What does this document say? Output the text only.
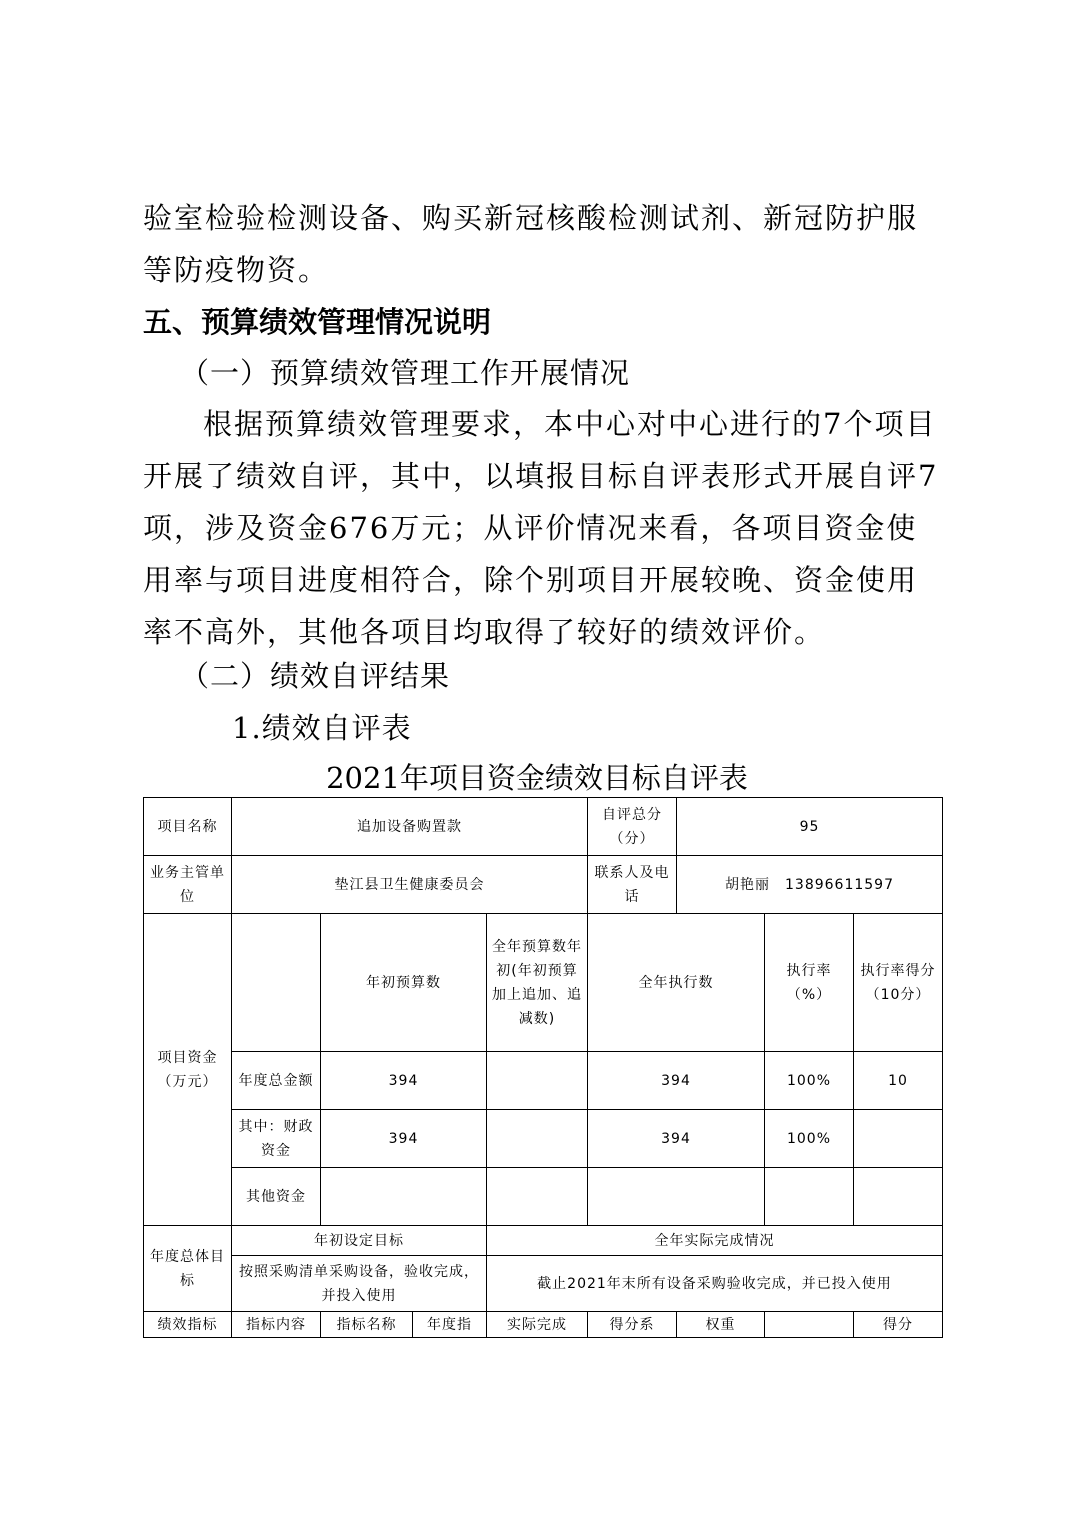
验室检验检测设备、购买新冠核酸检测试剂、新冠防护服等防疫物资。

五、预算绩效管理情况说明

（一）预算绩效管理工作开展情况

根据预算绩效管理要求，本中心对中心进行的7个项目开展了绩效自评，其中，以填报目标自评表形式开展自评7项，涉及资金676万元；从评价情况来看，各项目资金使用率与项目进度相符合，除个别项目开展较晚、资金使用率不高外，其他各项目均取得了较好的绩效评价。

（二）绩效自评结果

1.绩效自评表

2021年项目资金绩效目标自评表
项目名称	追加设备购置款				自评总分（分）	95		
业务主管单位	垫江县卫生健康委员会				联系人及电话	胡艳丽　13896611597		
项目资金（万元）		年初预算数		全年预算数年初(年初预算加上追加、追减数)	全年执行数		执行率（%）	执行率得分（10分）
	年度总金额	394			394		100%	10
	其中：财政资金	394			394		100%	
	其他资金							
年度总体目标	年初设定目标			全年实际完成情况				
	按照采购清单采购设备，验收完成，并投入使用			截止2021年末所有设备采购验收完成，并已投入使用				
绩效指标	指标内容	指标名称	年度指	实际完成	得分系	权重		得分
